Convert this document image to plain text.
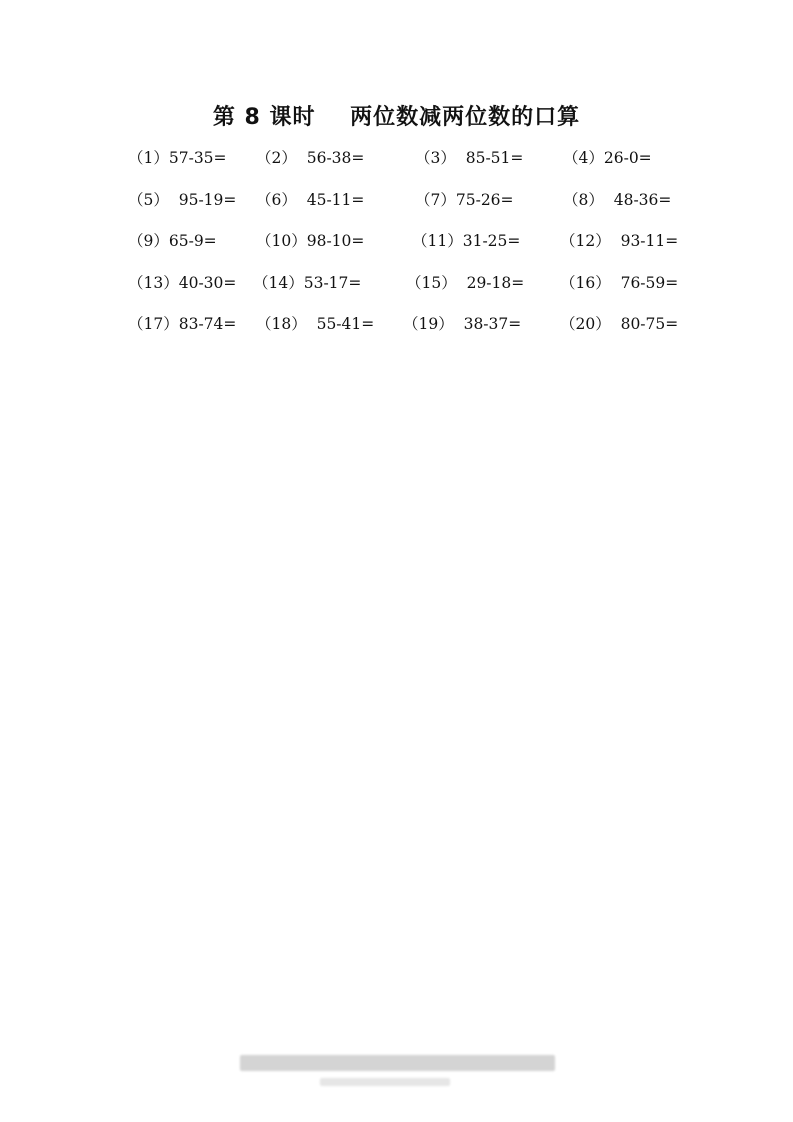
第 8 课时    两位数减两位数的口算
（1）57-35= （2）  56-38=	（3）  85-51=	（4）26-0=
（5）  95-19= （6）  45-11=	（7）75-26=	（8）  48-36=
（9）65-9=	（10）98-10=	（11）31-25=	（12）  93-11=
（13）40-30= （14）53-17=	（15）  29-18= （16）  76-59=
（17）83-74= （18）  55-41= （19）  38-37=	（20）  80-75=
